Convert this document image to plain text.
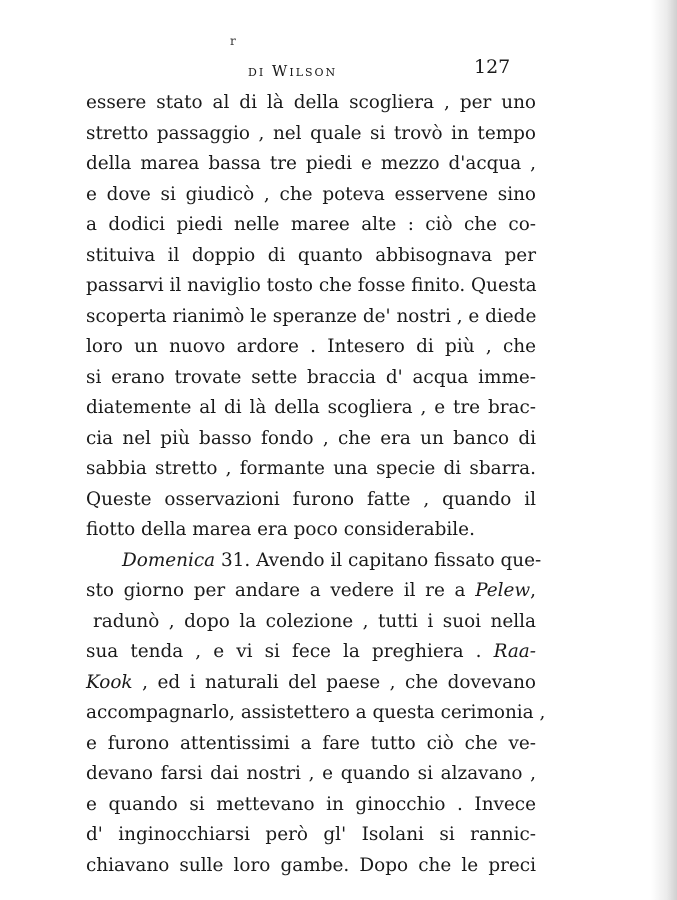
r
di Wilson	127
essere stato al di là della scogliera , per uno
stretto passaggio , nel quale si trovò in tempo
della marea bassa tre piedi e mezzo d'acqua ,
e dove si giudicò , che poteva esservene sino
a dodici piedi nelle maree alte : ciò che co-
stituiva il doppio di quanto abbisognava per
passarvi il naviglio tosto che fosse finito. Questa
scoperta rianimò le speranze de' nostri , e diede
loro un nuovo ardore . Intesero di più , che
si erano trovate sette braccia d' acqua imme-
diatemente al di là della scogliera , e tre brac-
cia nel più basso fondo , che era un banco di
sabbia stretto , formante una specie di sbarra.
Queste osservazioni furono fatte , quando il
fiotto della marea era poco considerabile.
Domenica 31. Avendo il capitano fissato que-
sto giorno per andare a vedere il re a Pelew,
radunò , dopo la colezione , tutti i suoi nella
sua tenda , e vi si fece la preghiera . Raa-
Kook , ed i naturali del paese , che dovevano
accompagnarlo, assistettero a questa cerimonia ,
e furono attentissimi a fare tutto ciò che ve-
devano farsi dai nostri , e quando si alzavano ,
e quando si mettevano in ginocchio . Invece
d' inginocchiarsi però gl' Isolani si rannic-
chiavano sulle loro gambe. Dopo che le preci
